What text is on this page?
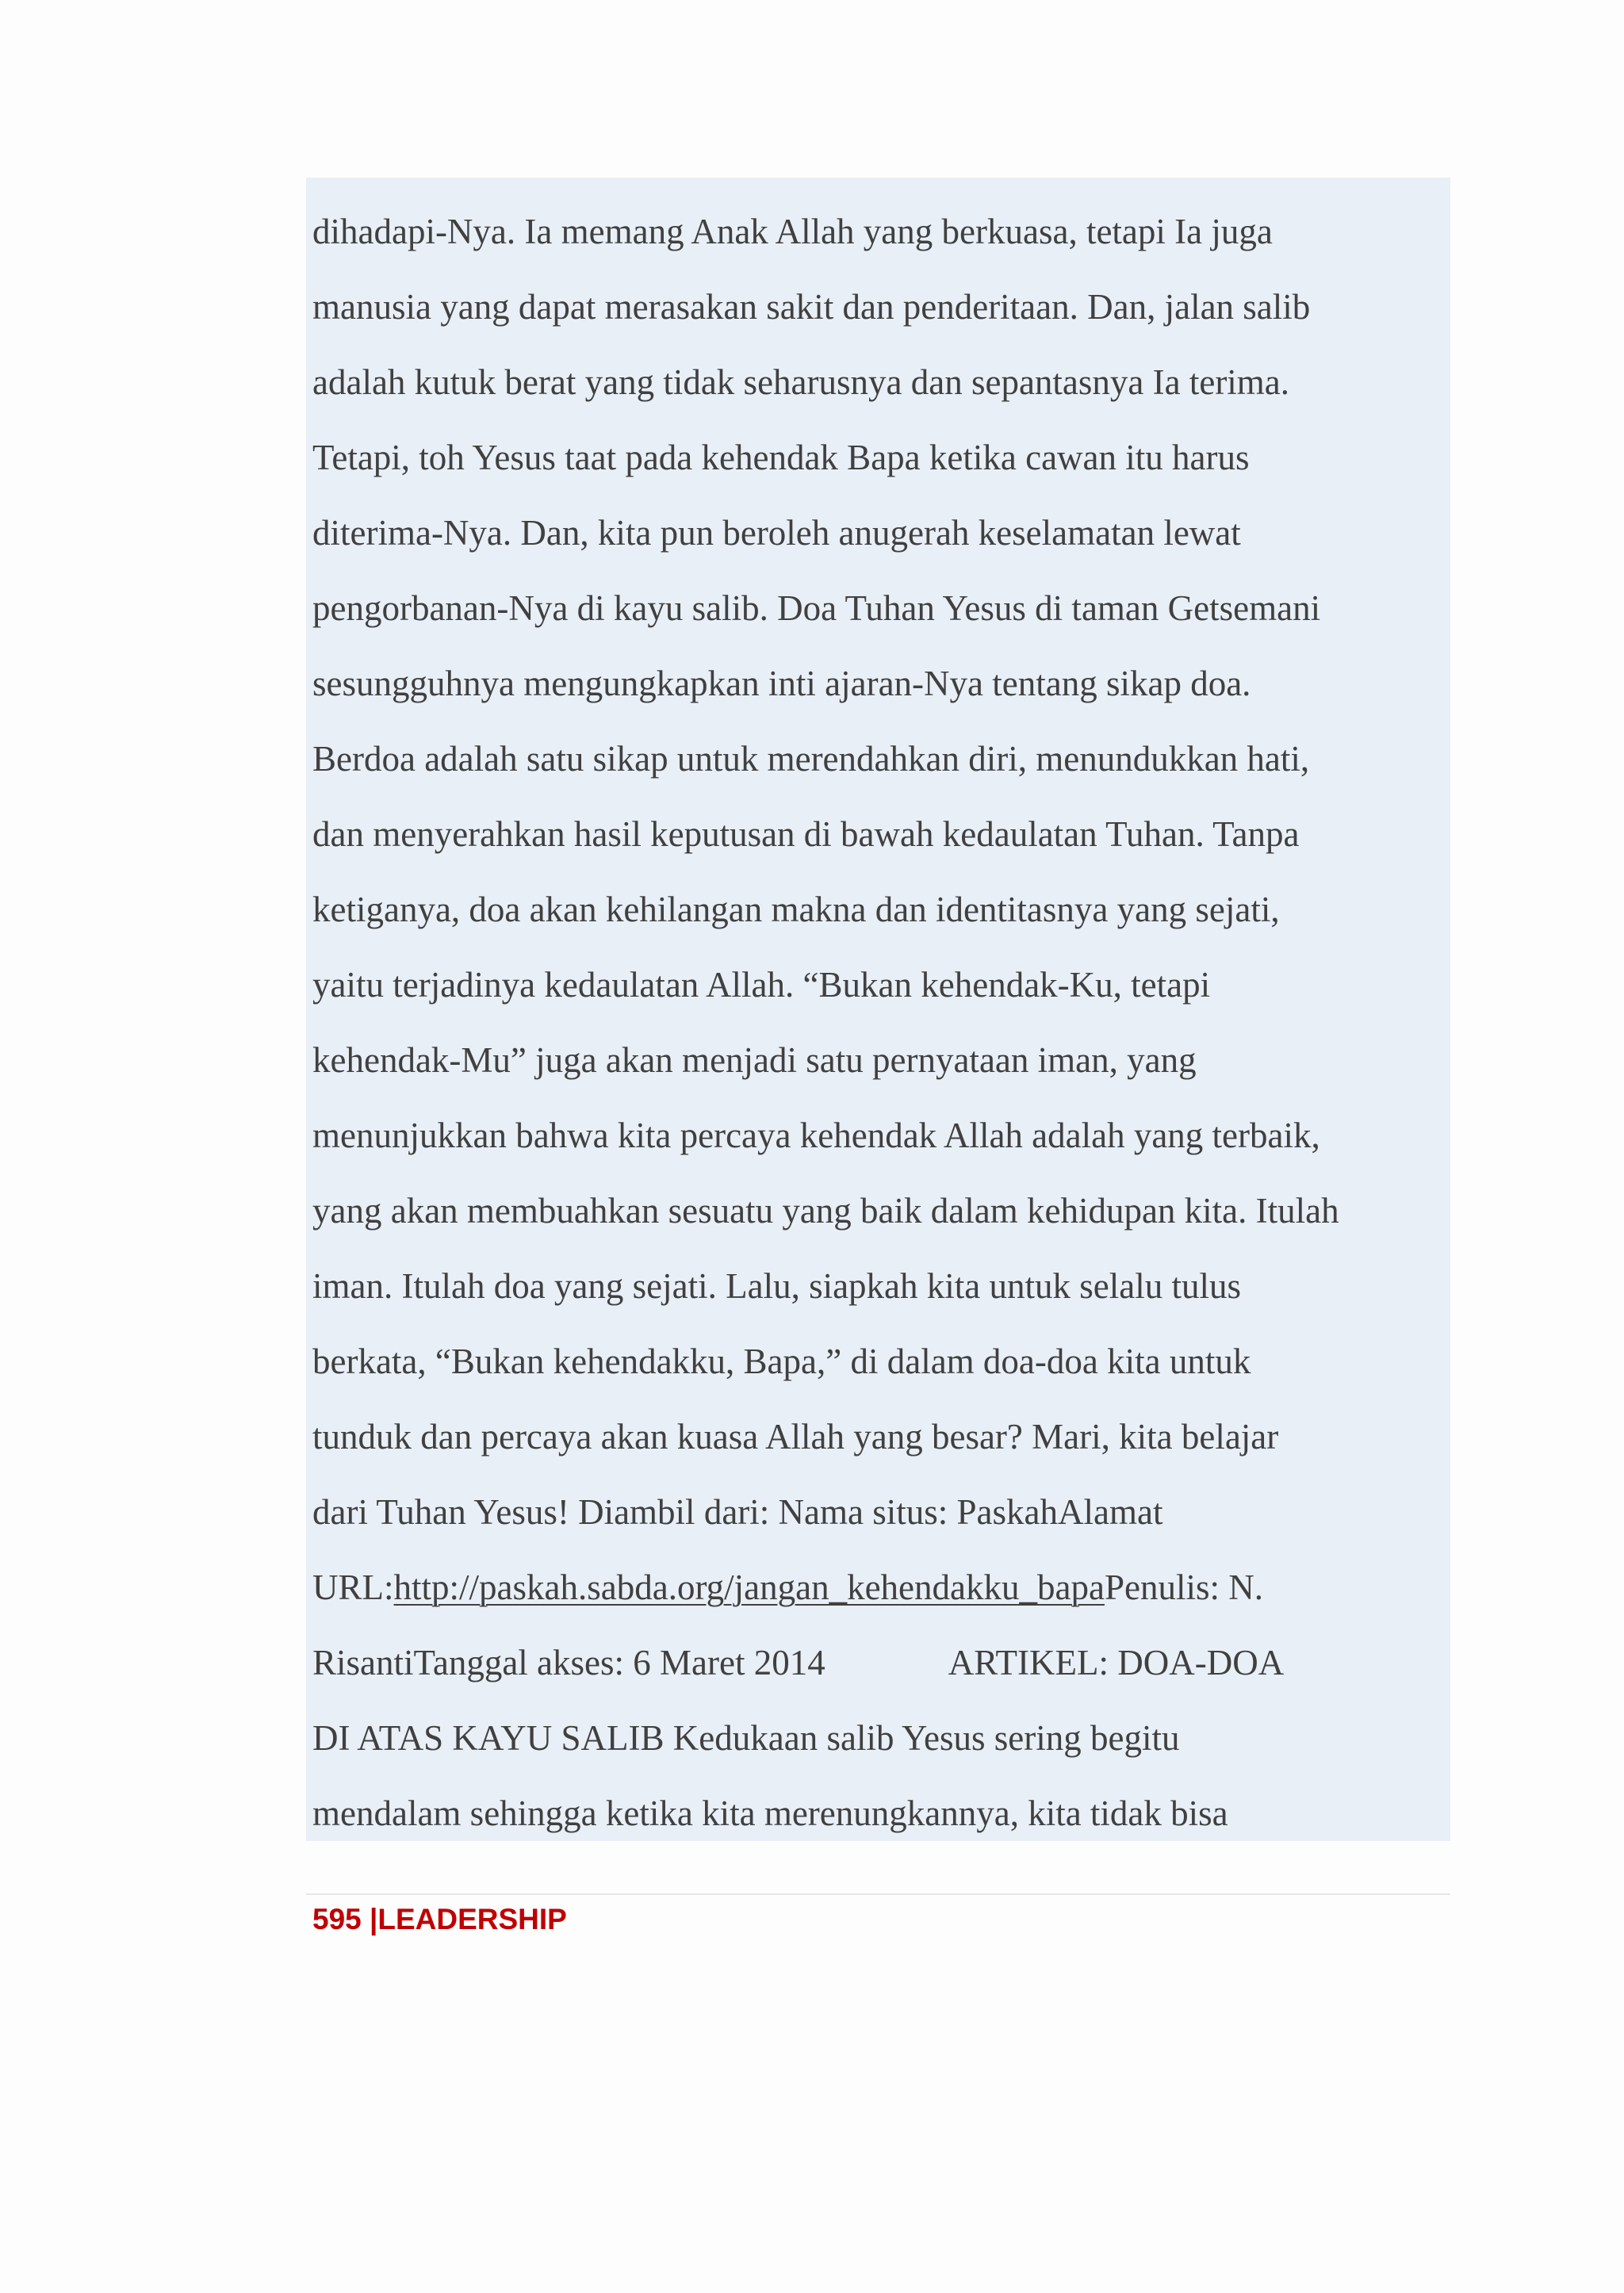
dihadapi-Nya. Ia memang Anak Allah yang berkuasa, tetapi Ia juga
manusia yang dapat merasakan sakit dan penderitaan. Dan, jalan salib
adalah kutuk berat yang tidak seharusnya dan sepantasnya Ia terima.
Tetapi, toh Yesus taat pada kehendak Bapa ketika cawan itu harus
diterima-Nya. Dan, kita pun beroleh anugerah keselamatan lewat
pengorbanan-Nya di kayu salib. Doa Tuhan Yesus di taman Getsemani
sesungguhnya mengungkapkan inti ajaran-Nya tentang sikap doa.
Berdoa adalah satu sikap untuk merendahkan diri, menundukkan hati,
dan menyerahkan hasil keputusan di bawah kedaulatan Tuhan. Tanpa
ketiganya, doa akan kehilangan makna dan identitasnya yang sejati,
yaitu terjadinya kedaulatan Allah. “Bukan kehendak-Ku, tetapi
kehendak-Mu” juga akan menjadi satu pernyataan iman, yang
menunjukkan bahwa kita percaya kehendak Allah adalah yang terbaik,
yang akan membuahkan sesuatu yang baik dalam kehidupan kita. Itulah
iman. Itulah doa yang sejati. Lalu, siapkah kita untuk selalu tulus
berkata, “Bukan kehendakku, Bapa,” di dalam doa-doa kita untuk
tunduk dan percaya akan kuasa Allah yang besar? Mari, kita belajar
dari Tuhan Yesus! Diambil dari: Nama situs: PaskahAlamat
URL:http://paskah.sabda.org/jangan_kehendakku_bapaPenulis: N.
RisantiTanggal akses: 6 Maret 2014              ARTIKEL: DOA-DOA
DI ATAS KAYU SALIB Kedukaan salib Yesus sering begitu
mendalam sehingga ketika kita merenungkannya, kita tidak bisa
595 |LEADERSHIP
